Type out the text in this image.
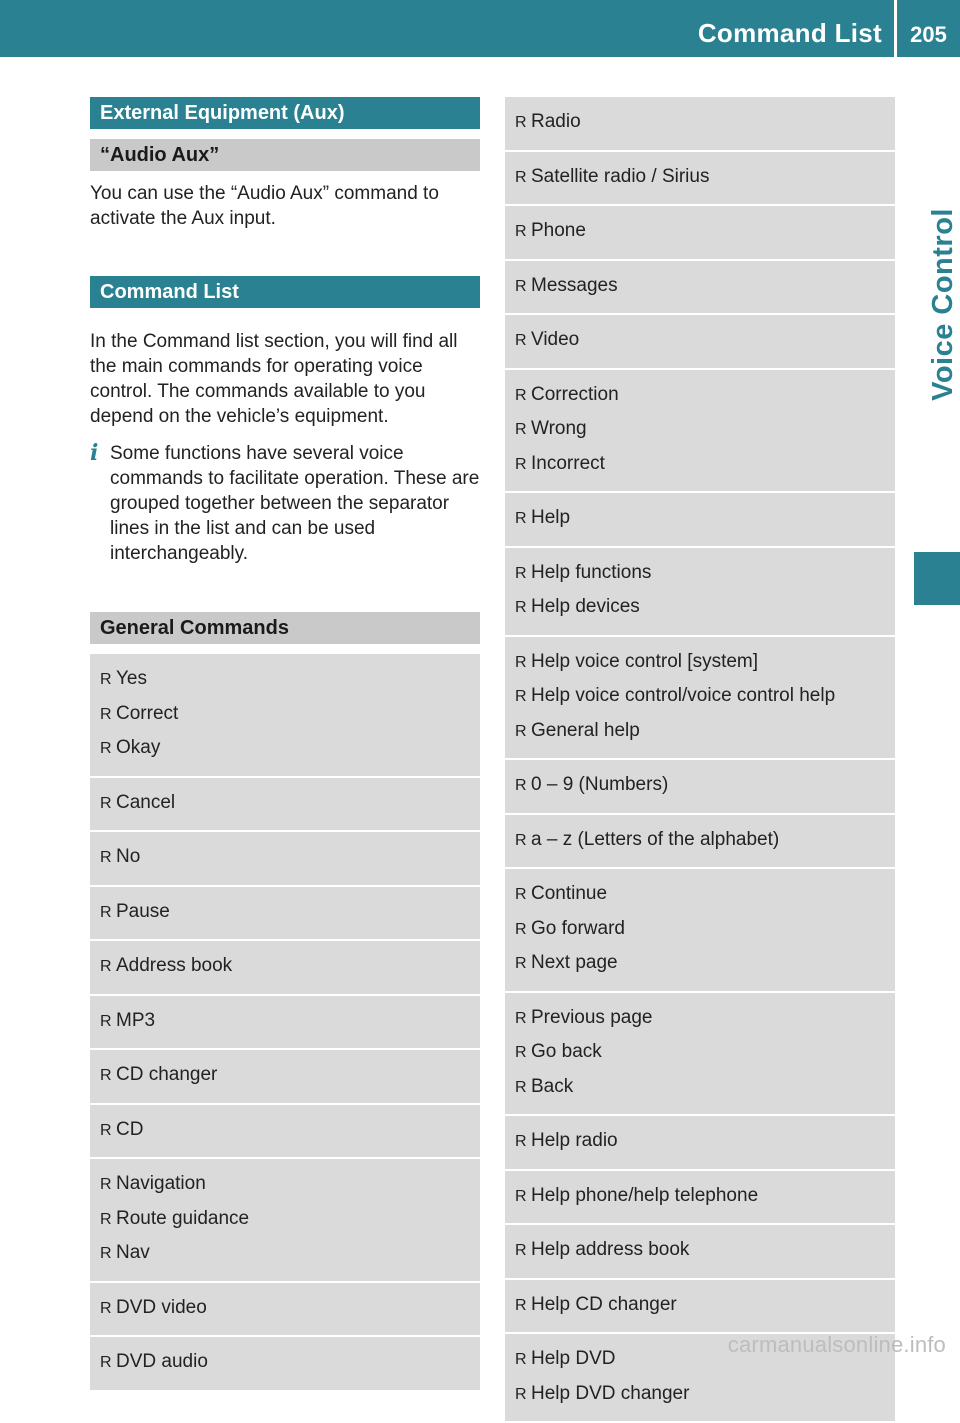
Command List	205
Voice Control
External Equipment (Aux)
“Audio Aux”

You can use the “Audio Aux” command to activate the Aux input.

Command List

In the Command list section, you will find all the main commands for operating voice control. The commands available to you depend on the vehicle’s equipment.

i Some functions have several voice commands to facilitate operation. These are grouped together between the separator lines in the list and can be used interchangeably.
General Commands
R Yes
R Correct
R Okay
R Cancel
R No
R Pause
R Address book
R MP3
R CD changer
R CD
R Navigation
R Route guidance
R Nav
R DVD video
R DVD audio
R Radio
R Satellite radio / Sirius
R Phone
R Messages
R Video
R Correction
R Wrong
R Incorrect
R Help
R Help functions
R Help devices
R Help voice control [system]
R Help voice control/voice control help
R General help
R 0 – 9 (Numbers)
R a – z (Letters of the alphabet)
R Continue
R Go forward
R Next page
R Previous page
R Go back
R Back
R Help radio
R Help phone/help telephone
R Help address book
R Help CD changer
R Help DVD
R Help DVD changer
carmanualsonline.info
